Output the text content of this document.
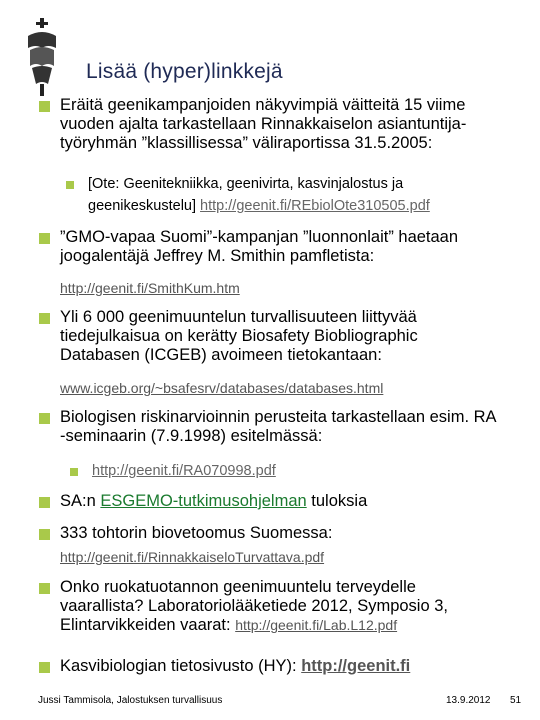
Lisää (hyper)linkkejä
Eräitä geenikampanjoiden näkyvimpiä väitteitä 15 viime
vuoden ajalta tarkastellaan Rinnakkaiselon asiantuntija-
työryhmän ”klassillisessa” väliraportissa 31.5.2005:
[Ote: Geenitekniikka, geenivirta, kasvinjalostus ja
geenikeskustelu] http://geenit.fi/REbiolOte310505.pdf
”GMO-vapaa Suomi”-kampanjan ”luonnonlait” haetaan
joogalentäjä Jeffrey M. Smithin pamfletista:
http://geenit.fi/SmithKum.htm
Yli 6 000 geenimuuntelun turvallisuuteen liittyvää
tiedejulkaisua on kerätty Biosafety Biobliographic
Databasen (ICGEB) avoimeen tietokantaan:
www.icgeb.org/~bsafesrv/databases/databases.html
Biologisen riskinarvioinnin perusteita tarkastellaan esim. RA
-seminaarin (7.9.1998) esitelmässä:
http://geenit.fi/RA070998.pdf
SA:n ESGEMO-tutkimusohjelman tuloksia
333 tohtorin biovetoomus Suomessa:
http://geenit.fi/RinnakkaiseloTurvattava.pdf
Onko ruokatuotannon geenimuuntelu terveydelle
vaarallista? Laboratoriolääketiede 2012, Symposio 3,
Elintarvikkeiden vaarat: http://geenit.fi/Lab.L12.pdf
Kasvibiologian tietosivusto (HY): http://geenit.fi
Jussi Tammisola, Jalostuksen turvallisuus	13.9.2012 51
